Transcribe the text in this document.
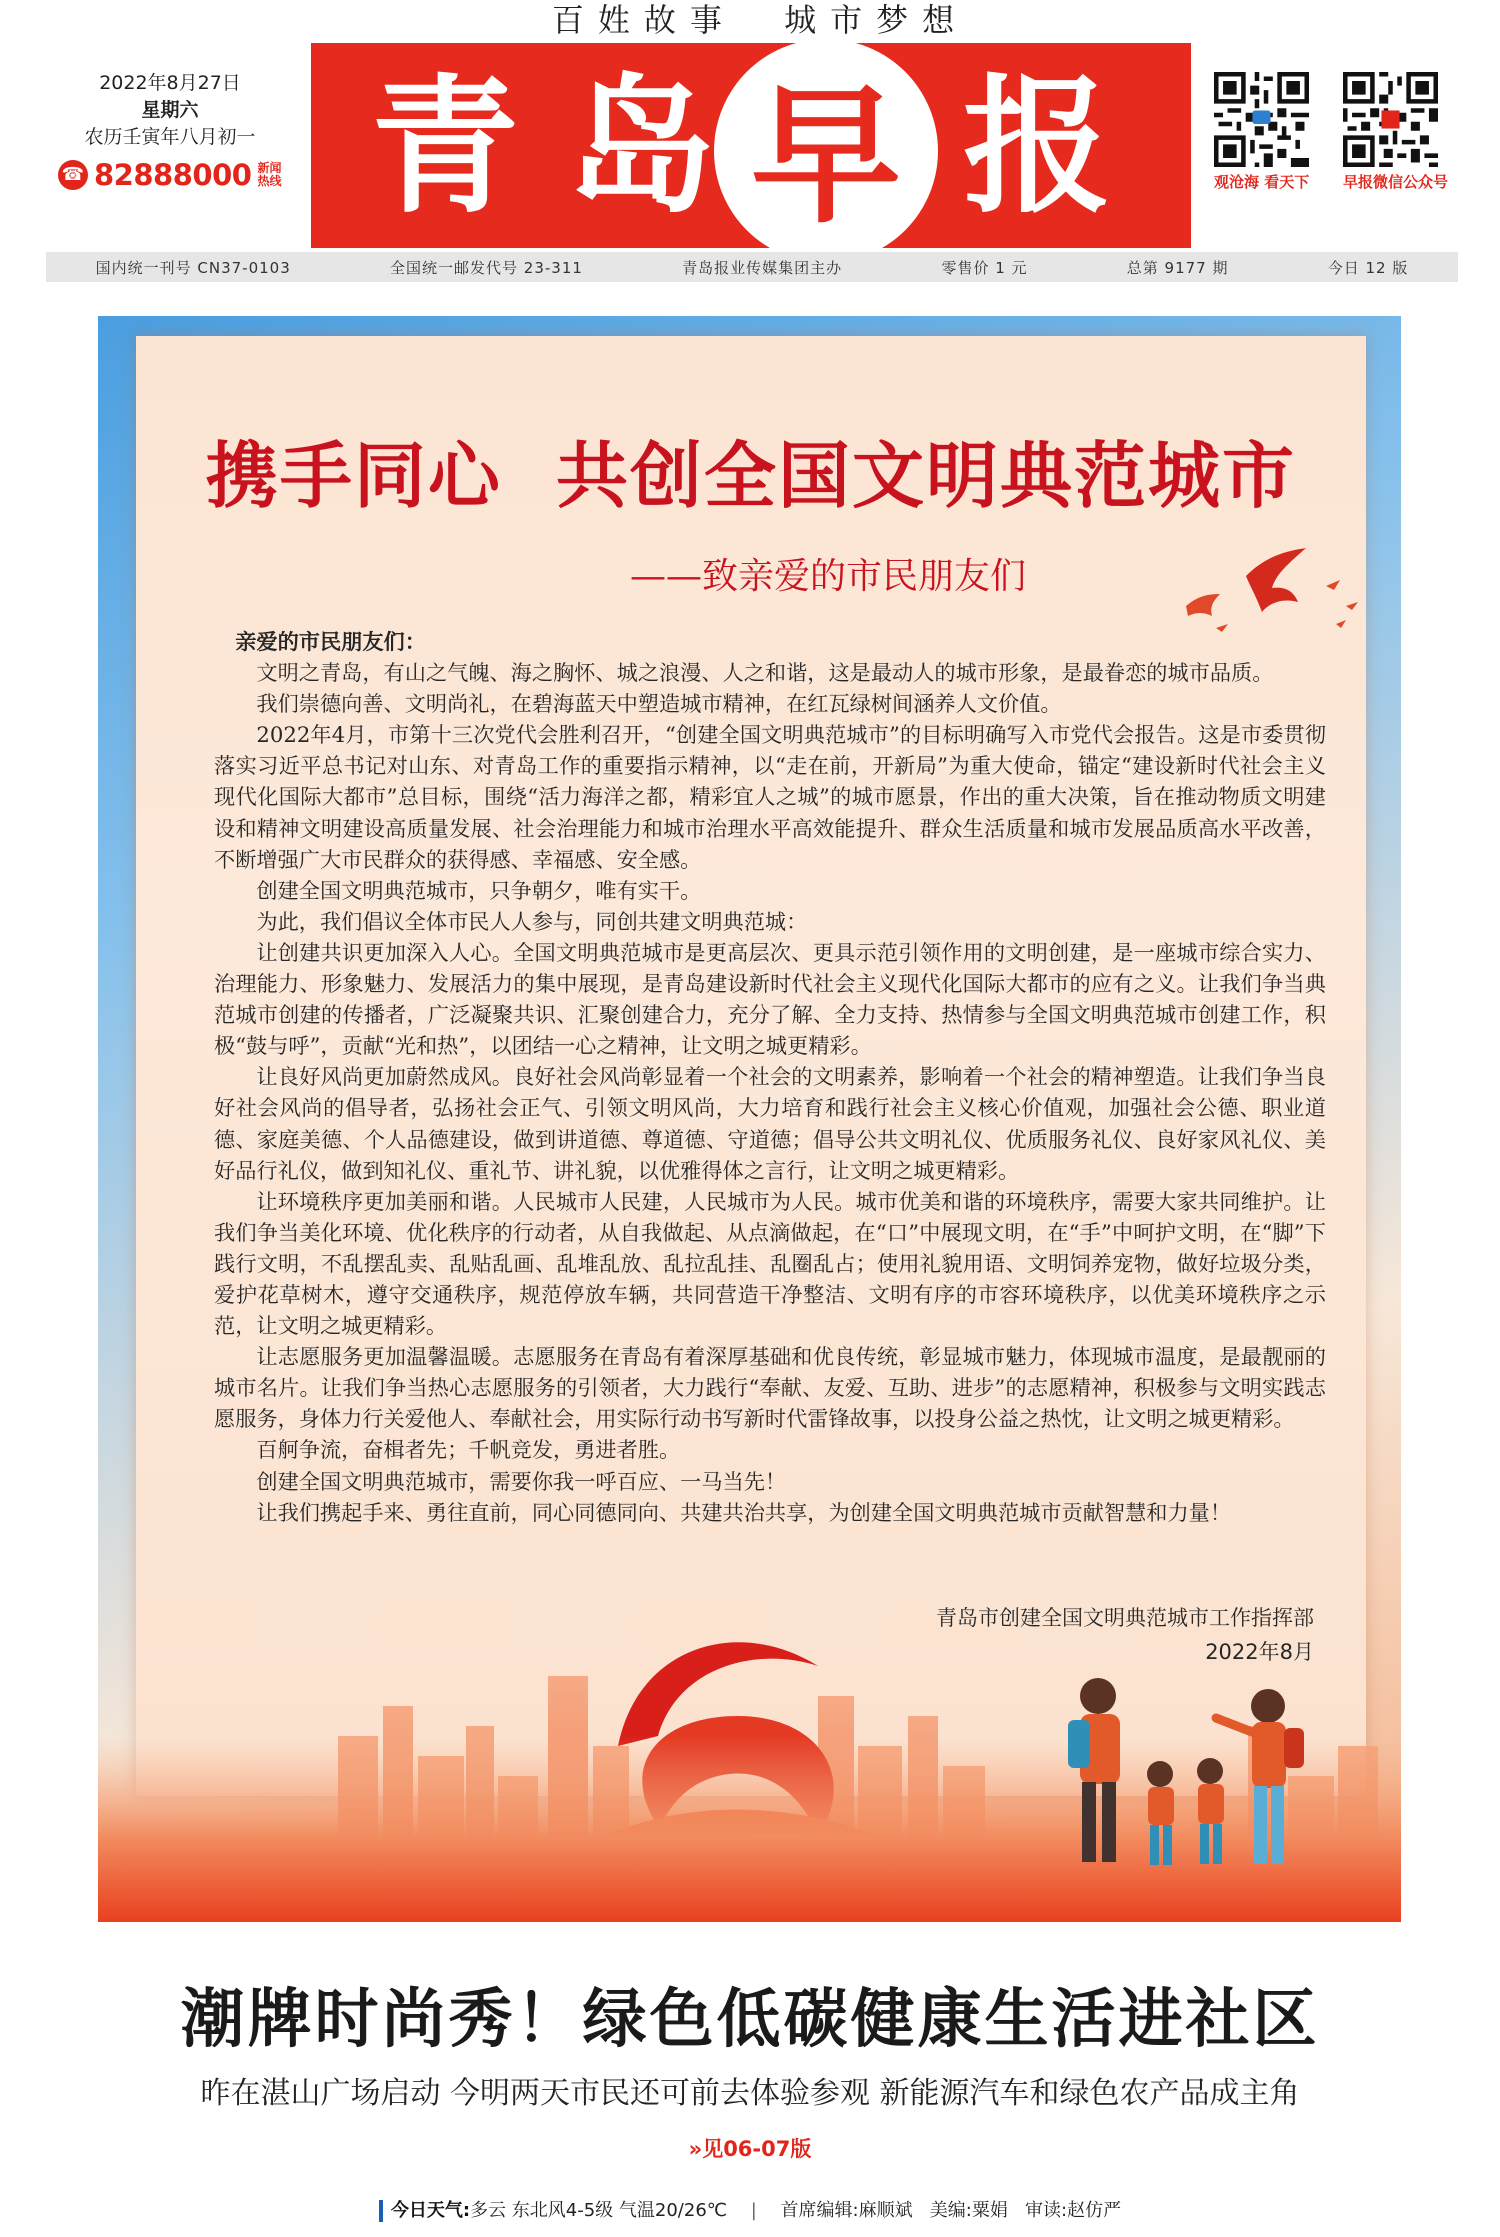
百姓故事  城市梦想
2022年8月27日
星期六
农历壬寅年八月初一
☎ 82888000 新闻热线	早
青 岛 报	观沧海 看天下 早报微信公众号
国内统一刊号 CN37-0103	全国统一邮发代号 23-311	青岛报业传媒集团主办	零售价 1 元	总第 9177 期	今日 12 版
携手同心  共创全国文明典范城市
——致亲爱的市民朋友们

亲爱的市民朋友们：

文明之青岛，有山之气魄、海之胸怀、城之浪漫、人之和谐，这是最动人的城市形象，是最眷恋的城市品质。

我们崇德向善、文明尚礼，在碧海蓝天中塑造城市精神，在红瓦绿树间涵养人文价值。

2022年4月，市第十三次党代会胜利召开，“创建全国文明典范城市”的目标明确写入市党代会报告。这是市委贯彻落实习近平总书记对山东、对青岛工作的重要指示精神，以“走在前，开新局”为重大使命，锚定“建设新时代社会主义现代化国际大都市”总目标，围绕“活力海洋之都，精彩宜人之城”的城市愿景，作出的重大决策，旨在推动物质文明建设和精神文明建设高质量发展、社会治理能力和城市治理水平高效能提升、群众生活质量和城市发展品质高水平改善，不断增强广大市民群众的获得感、幸福感、安全感。

创建全国文明典范城市，只争朝夕，唯有实干。

为此，我们倡议全体市民人人参与，同创共建文明典范城：

让创建共识更加深入人心。全国文明典范城市是更高层次、更具示范引领作用的文明创建，是一座城市综合实力、治理能力、形象魅力、发展活力的集中展现，是青岛建设新时代社会主义现代化国际大都市的应有之义。让我们争当典范城市创建的传播者，广泛凝聚共识、汇聚创建合力，充分了解、全力支持、热情参与全国文明典范城市创建工作，积极“鼓与呼”，贡献“光和热”，以团结一心之精神，让文明之城更精彩。

让良好风尚更加蔚然成风。良好社会风尚彰显着一个社会的文明素养，影响着一个社会的精神塑造。让我们争当良好社会风尚的倡导者，弘扬社会正气、引领文明风尚，大力培育和践行社会主义核心价值观，加强社会公德、职业道德、家庭美德、个人品德建设，做到讲道德、尊道德、守道德；倡导公共文明礼仪、优质服务礼仪、良好家风礼仪、美好品行礼仪，做到知礼仪、重礼节、讲礼貌，以优雅得体之言行，让文明之城更精彩。

让环境秩序更加美丽和谐。人民城市人民建，人民城市为人民。城市优美和谐的环境秩序，需要大家共同维护。让我们争当美化环境、优化秩序的行动者，从自我做起、从点滴做起，在“口”中展现文明，在“手”中呵护文明，在“脚”下践行文明，不乱摆乱卖、乱贴乱画、乱堆乱放、乱拉乱挂、乱圈乱占；使用礼貌用语、文明饲养宠物，做好垃圾分类，爱护花草树木，遵守交通秩序，规范停放车辆，共同营造干净整洁、文明有序的市容环境秩序，以优美环境秩序之示范，让文明之城更精彩。

让志愿服务更加温馨温暖。志愿服务在青岛有着深厚基础和优良传统，彰显城市魅力，体现城市温度，是最靓丽的城市名片。让我们争当热心志愿服务的引领者，大力践行“奉献、友爱、互助、进步”的志愿精神，积极参与文明实践志愿服务，身体力行关爱他人、奉献社会，用实际行动书写新时代雷锋故事，以投身公益之热忱，让文明之城更精彩。

百舸争流，奋楫者先；千帆竞发，勇进者胜。

创建全国文明典范城市，需要你我一呼百应、一马当先！

让我们携起手来、勇往直前，同心同德同向、共建共治共享，为创建全国文明典范城市贡献智慧和力量！

青岛市创建全国文明典范城市工作指挥部
2022年8月
潮牌时尚秀！绿色低碳健康生活进社区
昨在湛山广场启动 今明两天市民还可前去体验参观 新能源汽车和绿色农产品成主角
»见06-07版
今日天气:多云 东北风4-5级 气温20/26℃ | 首席编辑:麻顺斌 美编:粟娟 审读:赵仿严
